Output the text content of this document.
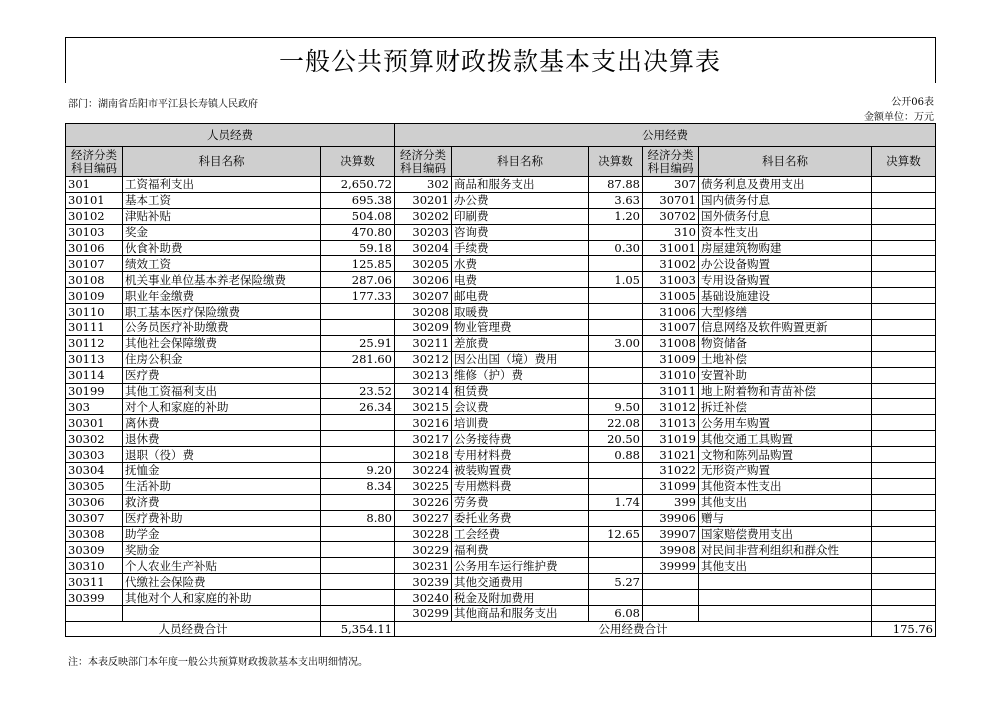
一般公共预算财政拨款基本支出决算表
部门：湖南省岳阳市平江县长寿镇人民政府	公开06表
金额单位：万元
人员经费			公用经费					
经济分类科目编码	科目名称	决算数	经济分类科目编码	科目名称	决算数	经济分类科目编码	科目名称	决算数
301	工资福利支出	2,650.72	302	商品和服务支出	87.88	307	债务利息及费用支出	
30101	基本工资	695.38	30201	办公费	3.63	30701	国内债务付息	
30102	津贴补贴	504.08	30202	印刷费	1.20	30702	国外债务付息	
30103	奖金	470.80	30203	咨询费		310	资本性支出	
30106	伙食补助费	59.18	30204	手续费	0.30	31001	房屋建筑物购建	
30107	绩效工资	125.85	30205	水费		31002	办公设备购置	
30108	机关事业单位基本养老保险缴费	287.06	30206	电费	1.05	31003	专用设备购置	
30109	职业年金缴费	177.33	30207	邮电费		31005	基础设施建设	
30110	职工基本医疗保险缴费		30208	取暖费		31006	大型修缮	
30111	公务员医疗补助缴费		30209	物业管理费		31007	信息网络及软件购置更新	
30112	其他社会保障缴费	25.91	30211	差旅费	3.00	31008	物资储备	
30113	住房公积金	281.60	30212	因公出国（境）费用		31009	土地补偿	
30114	医疗费		30213	维修（护）费		31010	安置补助	
30199	其他工资福利支出	23.52	30214	租赁费		31011	地上附着物和青苗补偿	
303	对个人和家庭的补助	26.34	30215	会议费	9.50	31012	拆迁补偿	
30301	离休费		30216	培训费	22.08	31013	公务用车购置	
30302	退休费		30217	公务接待费	20.50	31019	其他交通工具购置	
30303	退职（役）费		30218	专用材料费	0.88	31021	文物和陈列品购置	
30304	抚恤金	9.20	30224	被装购置费		31022	无形资产购置	
30305	生活补助	8.34	30225	专用燃料费		31099	其他资本性支出	
30306	救济费		30226	劳务费	1.74	399	其他支出	
30307	医疗费补助	8.80	30227	委托业务费		39906	赠与	
30308	助学金		30228	工会经费	12.65	39907	国家赔偿费用支出	
30309	奖励金		30229	福利费		39908	对民间非营利组织和群众性	
30310	个人农业生产补贴		30231	公务用车运行维护费		39999	其他支出	
30311	代缴社会保险费		30239	其他交通费用	5.27			
30399	其他对个人和家庭的补助		30240	税金及附加费用				
			30299	其他商品和服务支出	6.08			
人员经费合计		5,354.11	公用经费合计					175.76
注：本表反映部门本年度一般公共预算财政拨款基本支出明细情况。
